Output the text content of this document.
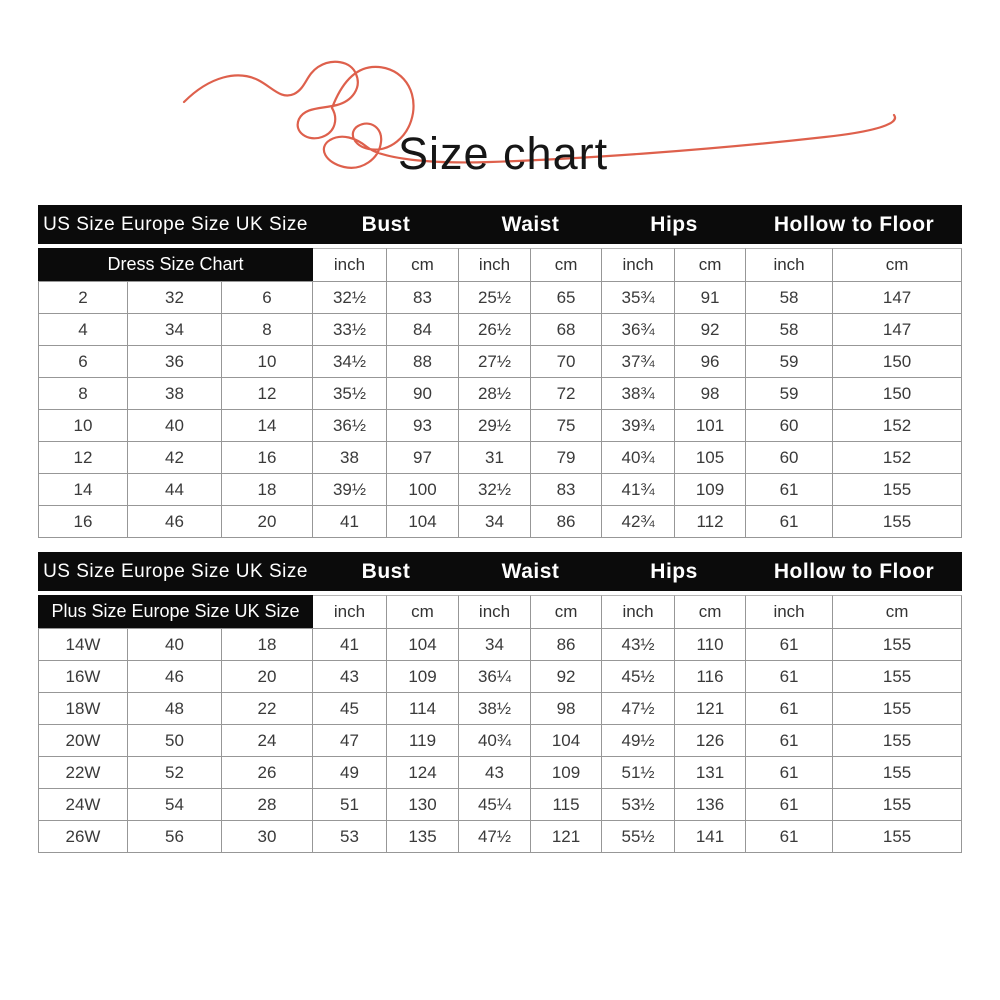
Size chart
US Size Europe Size UK Size			Bust		Waist		Hips		Hollow to Floor	
Dress Size Chart			inch	cm	inch	cm	inch	cm	inch	cm
2	32	6	32½	83	25½	65	35¾	91	58	147
4	34	8	33½	84	26½	68	36¾	92	58	147
6	36	10	34½	88	27½	70	37¾	96	59	150
8	38	12	35½	90	28½	72	38¾	98	59	150
10	40	14	36½	93	29½	75	39¾	101	60	152
12	42	16	38	97	31	79	40¾	105	60	152
14	44	18	39½	100	32½	83	41¾	109	61	155
16	46	20	41	104	34	86	42¾	112	61	155
US Size Europe Size UK Size			Bust		Waist		Hips		Hollow to Floor	
Plus Size Europe Size UK Size			inch	cm	inch	cm	inch	cm	inch	cm
14W	40	18	41	104	34	86	43½	110	61	155
16W	46	20	43	109	36¼	92	45½	116	61	155
18W	48	22	45	114	38½	98	47½	121	61	155
20W	50	24	47	119	40¾	104	49½	126	61	155
22W	52	26	49	124	43	109	51½	131	61	155
24W	54	28	51	130	45¼	115	53½	136	61	155
26W	56	30	53	135	47½	121	55½	141	61	155
